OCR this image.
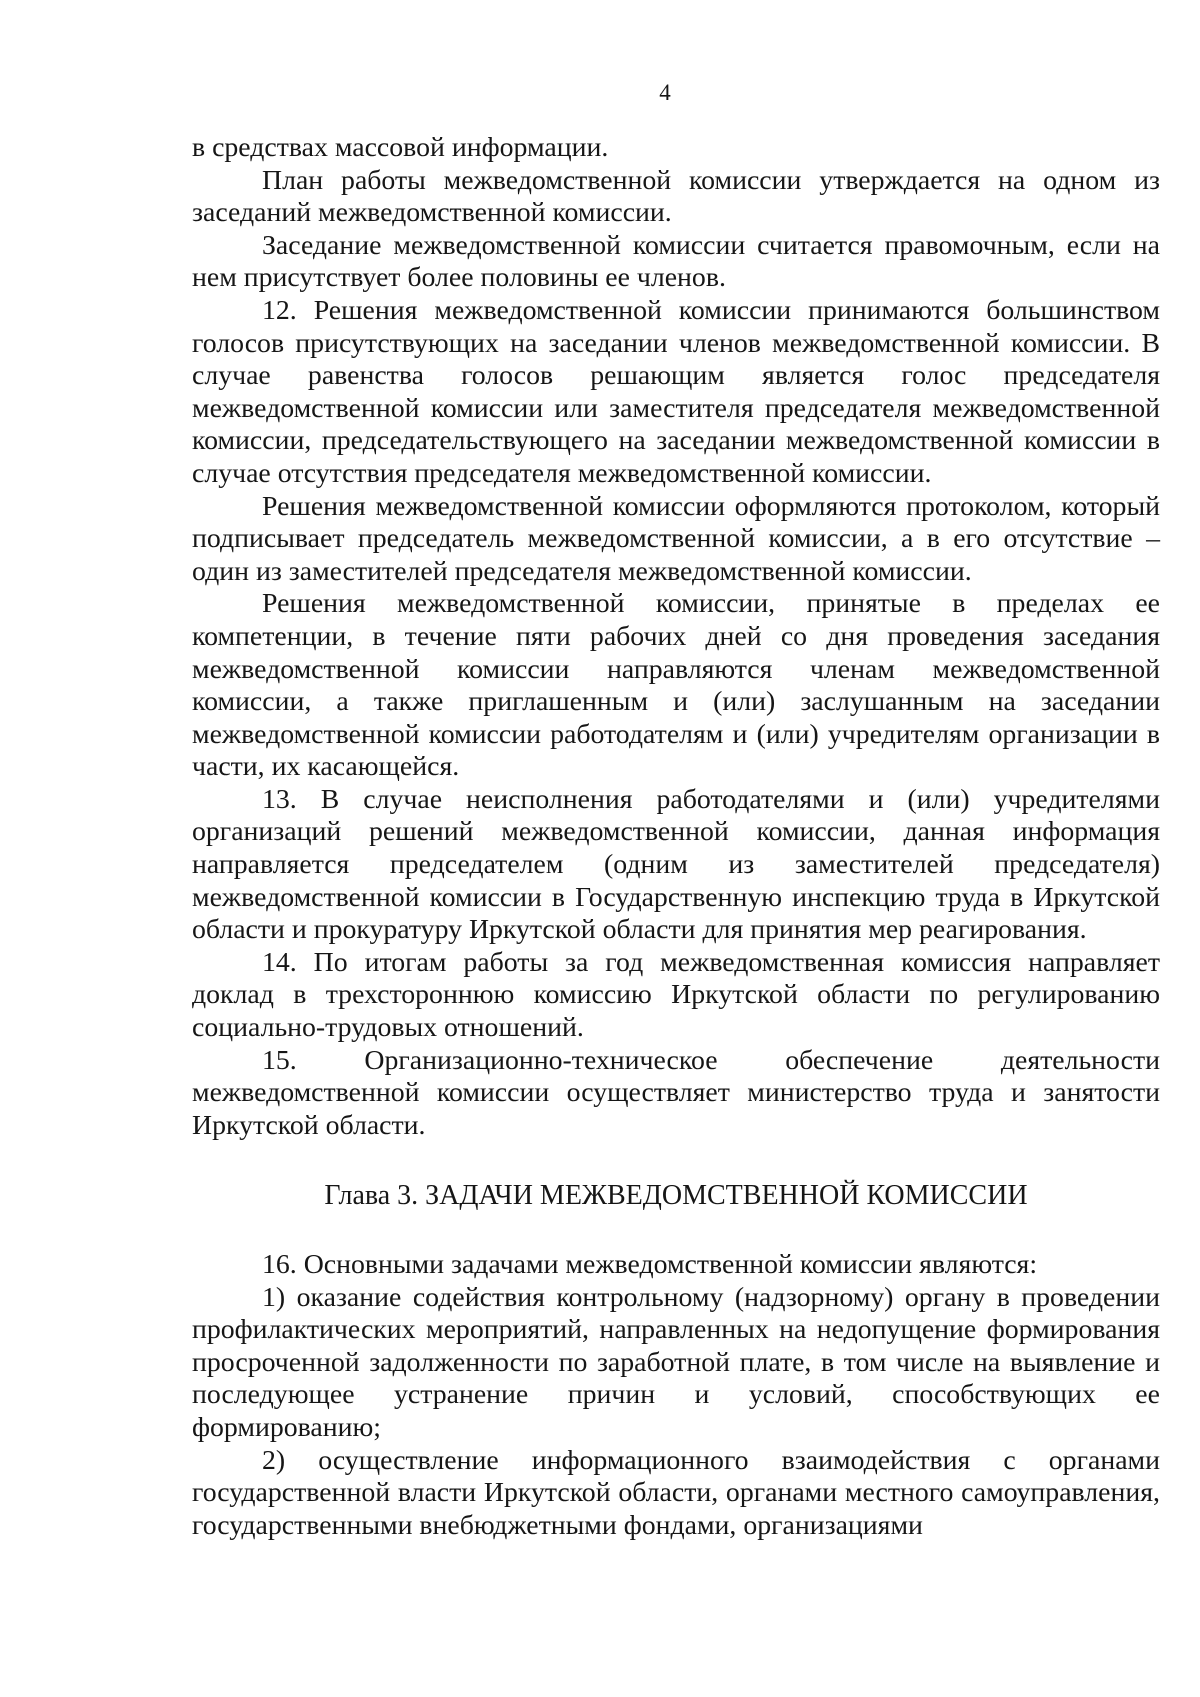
4

в средствах массовой информации.

План работы межведомственной комиссии утверждается на одном из заседаний межведомственной комиссии.

Заседание межведомственной комиссии считается правомочным, если на нем присутствует более половины ее членов.

12. Решения межведомственной комиссии принимаются большинством голосов присутствующих на заседании членов межведомственной комиссии. В случае равенства голосов решающим является голос председателя межведомственной комиссии или заместителя председателя межведомственной комиссии, председательствующего на заседании межведомственной комиссии в случае отсутствия председателя межведомственной комиссии.

Решения межведомственной комиссии оформляются протоколом, который подписывает председатель межведомственной комиссии, а в его отсутствие – один из заместителей председателя межведомственной комиссии.

Решения межведомственной комиссии, принятые в пределах ее компетенции, в течение пяти рабочих дней со дня проведения заседания межведомственной комиссии направляются членам межведомственной комиссии, а также приглашенным и (или) заслушанным на заседании межведомственной комиссии работодателям и (или) учредителям организации в части, их касающейся.

13. В случае неисполнения работодателями и (или) учредителями организаций решений межведомственной комиссии, данная информация направляется председателем (одним из заместителей председателя) межведомственной комиссии в Государственную инспекцию труда в Иркутской области и прокуратуру Иркутской области для принятия мер реагирования.

14. По итогам работы за год межведомственная комиссия направляет доклад в трехстороннюю комиссию Иркутской области по регулированию социально-трудовых отношений.

15. Организационно-техническое обеспечение деятельности межведомственной комиссии осуществляет министерство труда и занятости Иркутской области.

Глава 3. ЗАДАЧИ МЕЖВЕДОМСТВЕННОЙ КОМИССИИ

16. Основными задачами межведомственной комиссии являются:

1) оказание содействия контрольному (надзорному) органу в проведении профилактических мероприятий, направленных на недопущение формирования просроченной задолженности по заработной плате, в том числе на выявление и последующее устранение причин и условий, способствующих ее формированию;

2) осуществление информационного взаимодействия с органами государственной власти Иркутской области, органами местного самоуправления, государственными внебюджетными фондами, организациями
